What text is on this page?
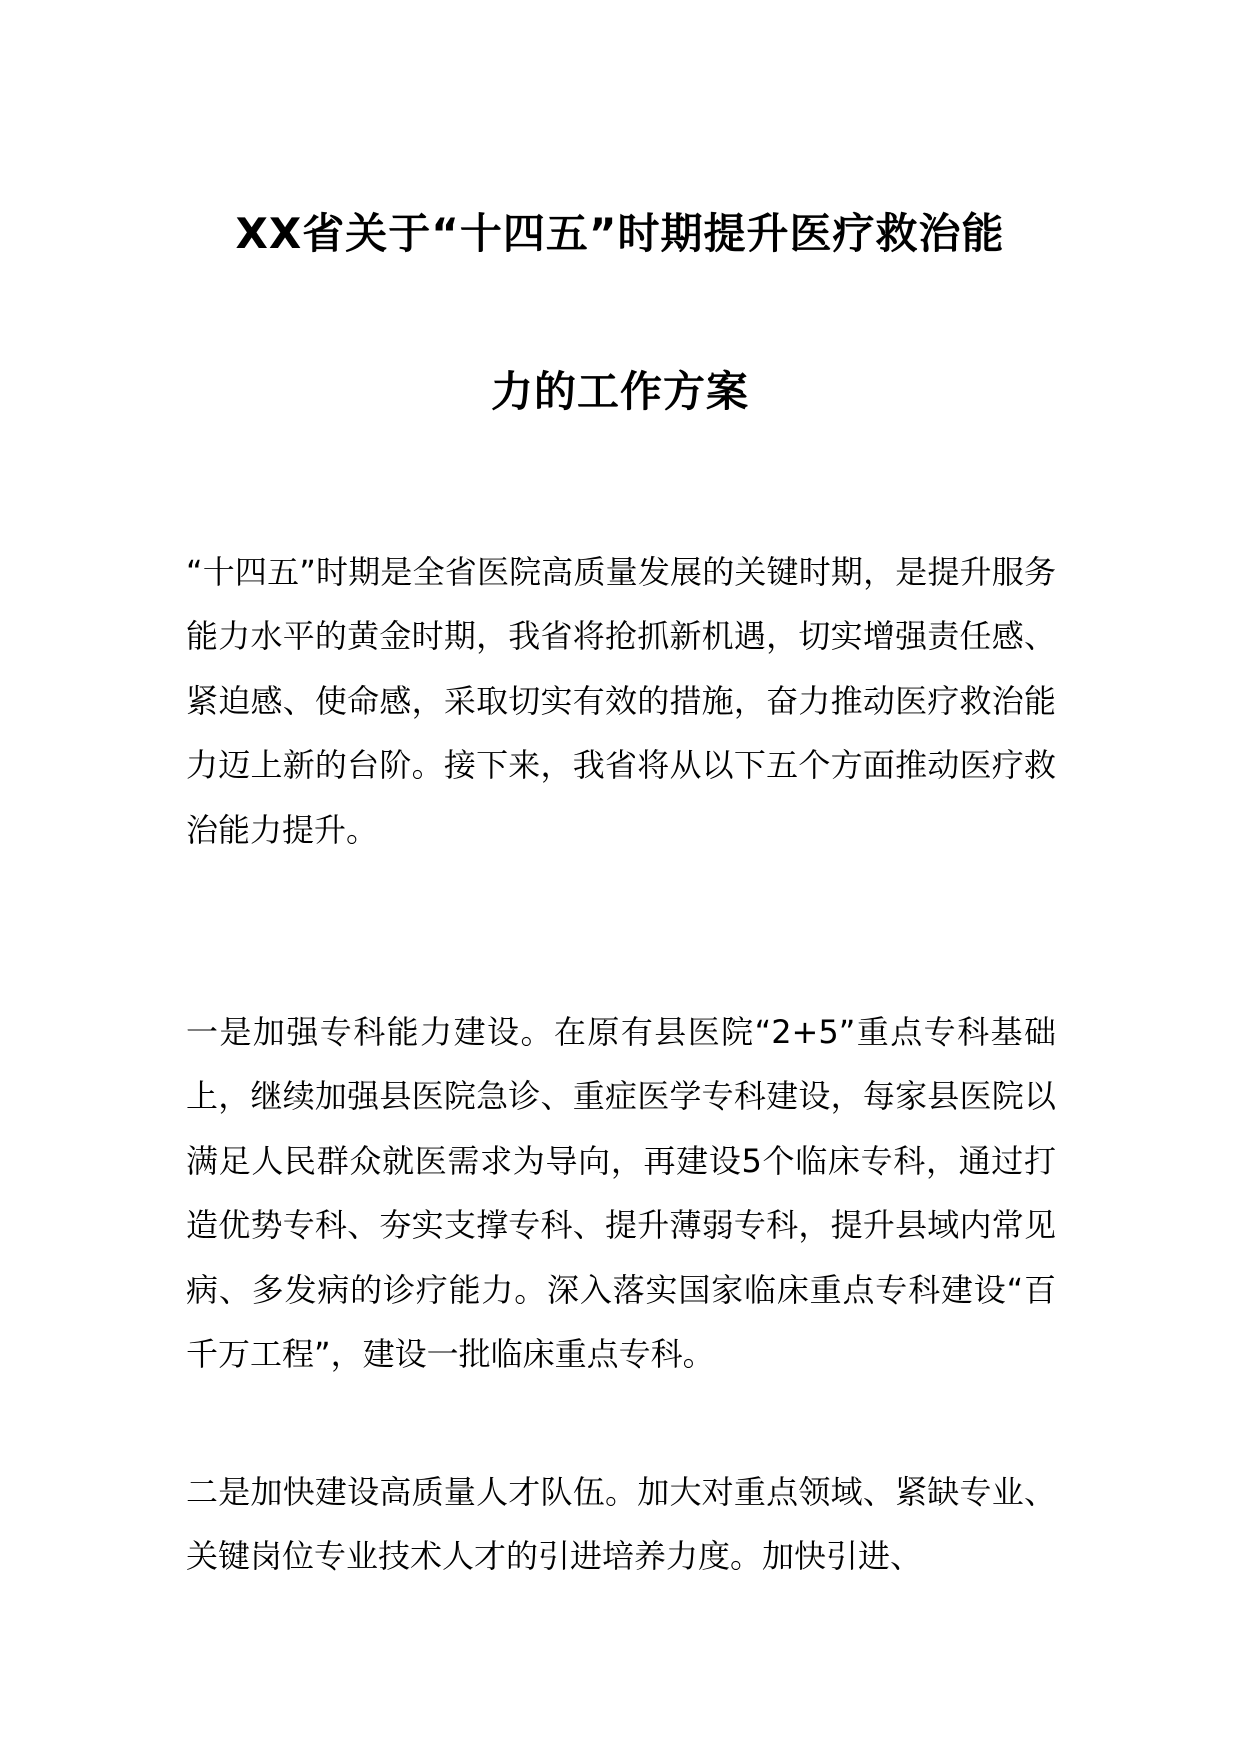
XX省关于“十四五”时期提升医疗救治能
力的工作方案

“十四五”时期是全省医院高质量发展的关键时期，是提升服务能力水平的黄金时期，我省将抢抓新机遇，切实增强责任感、紧迫感、使命感，采取切实有效的措施，奋力推动医疗救治能力迈上新的台阶。接下来，我省将从以下五个方面推动医疗救治能力提升。

一是加强专科能力建设。在原有县医院“2+5”重点专科基础上，继续加强县医院急诊、重症医学专科建设，每家县医院以满足人民群众就医需求为导向，再建设5个临床专科，通过打造优势专科、夯实支撑专科、提升薄弱专科，提升县域内常见病、多发病的诊疗能力。深入落实国家临床重点专科建设“百千万工程”，建设一批临床重点专科。

二是加快建设高质量人才队伍。加大对重点领域、紧缺专业、关键岗位专业技术人才的引进培养力度。加快引进、
